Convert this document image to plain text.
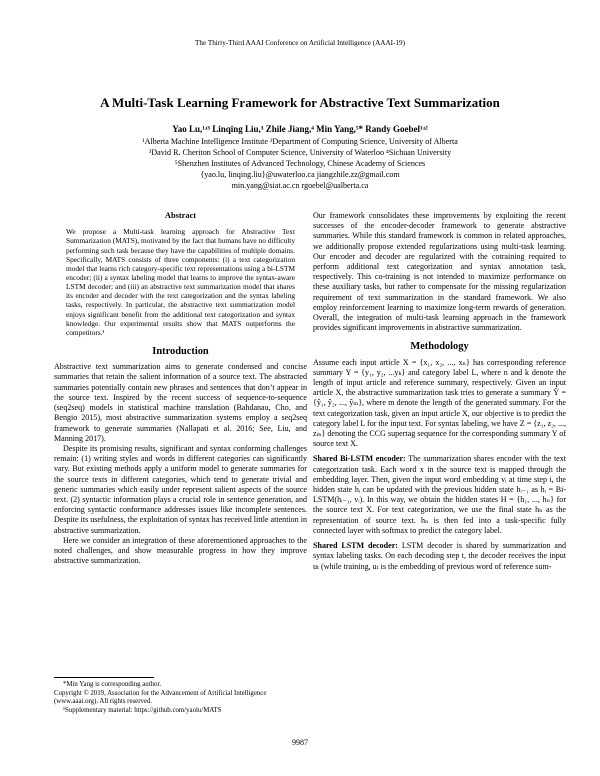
The Thirty-Third AAAI Conference on Artificial Intelligence (AAAI-19)
A Multi-Task Learning Framework for Abstractive Text Summarization
Yao Lu,¹ʴ³ Linqing Liu,³ Zhile Jiang,⁴ Min Yang,⁵* Randy Goebel¹ʴ²
¹Alberta Machine Intelligence Institute ²Department of Computing Science, University of Alberta
³David R. Cheriton School of Computer Science, University of Waterloo ⁴Sichuan University
⁵Shenzhen Institutes of Advanced Technology, Chinese Academy of Sciences
{yao.lu, linqing.liu}@uwaterloo.ca jiangzhile.zz@gmail.com
min.yang@siat.ac.cn rgoebel@ualberta.ca
Abstract

We propose a Multi-task learning approach for Abstractive Text Summarization (MATS), motivated by the fact that humans have no difficulty performing such task because they have the capabilities of multiple domains. Specifically, MATS consists of three components: (i) a text categorization model that learns rich category-specific text representations using a bi-LSTM encoder; (ii) a syntax labeling model that learns to improve the syntax-aware LSTM decoder; and (iii) an abstractive text summarization model that shares its encoder and decoder with the text categorization and the syntax labeling tasks, respectively. In particular, the abstractive text summarization model enjoys significant benefit from the additional text categorization and syntax knowledge. Our experimental results show that MATS outperforms the competitors.¹

Introduction

Abstractive text summarization aims to generate condensed and concise summaries that retain the salient information of a source text. The abstracted summaries potentially contain new phrases and sentences that don’t appear in the source text. Inspired by the recent success of sequence-to-sequence (seq2seq) models in statistical machine translation (Bahdanau, Cho, and Bengio 2015), most abstractive summarization systems employ a seq2seq framework to generate summaries (Nallapati et al. 2016; See, Liu, and Manning 2017).

Despite its promising results, significant and syntax conforming challenges remain: (1) writing styles and words in different categories can significantly vary. But existing methods apply a uniform model to generate summaries for the source texts in different categories, which tend to generate trivial and generic summaries which easily under represent salient aspects of the source text. (2) syntactic information plays a crucial role in sentence generation, and enforcing syntactic conformance addresses issues like incomplete sentences. Despite its usefulness, the exploitation of syntax has received little attention in abstractive summarization.

Here we consider an integration of these aforementioned approaches to the noted challenges, and show measurable progress in how they improve abstractive summarization.

*Min Yang is corresponding author.

Copyright © 2019, Association for the Advancement of Artificial Intelligence (www.aaai.org). All rights reserved.

¹Supplementary material: https://github.com/yaolu/MATS

Our framework consolidates these improvements by exploiting the recent successes of the encoder-decoder framework to generate abstractive summaries. While this standard framework is common in related approaches, we additionally propose extended regularizations using multi-task learning. Our encoder and decoder are regularized with the cotraining required to perform additional text categorization and syntax annotation task, respectively. This co-training is not intended to maximize performance on these auxiliary tasks, but rather to compensate for the missing regularization requirement of text summarization in the standard framework. We also employ reinforcement learning to maximize long-term rewards of generation. Overall, the integration of multi-task learning approach in the framework provides significant improvements in abstractive summarization.

Methodology

Assume each input article X = {x₁, x₂, ..., xₙ} has corresponding reference summary Y = {y₁, y₂, ...yₖ} and category label L, where n and k denote the length of input article and reference summary, respectively. Given an input article X, the abstractive summarization task tries to generate a summary Ŷ = {ŷ₁, ŷ₂, ..., ŷₘ}, where m denote the length of the generated summary. For the text categorization task, given an input article X, our objective is to predict the category label L for the input text. For syntax labeling, we have Z = {z₁, z₂, ..., zₘ} denoting the CCG supertag sequence for the corresponding summary Y of source text X.

Shared Bi-LSTM encoder: The summarization shares encoder with the text categorization task. Each word x in the source text is mapped through the embedding layer. Then, given the input word embedding vᵢ at time step i, the hidden state hᵢ can be updated with the previous hidden state hᵢ₋₁ as hᵢ = Bi-LSTM(hᵢ₋₁, vᵢ). In this way, we obtain the hidden states H = {h₁, ..., hₙ} for the source text X. For text categorization, we use the final state hₙ as the representation of source text. hₙ is then fed into a task-specific fully connected layer with softmax to predict the category label.

Shared LSTM decoder: LSTM decoder is shared by summarization and syntax labeling tasks. On each decoding step t, the decoder receives the input uₜ (while training, uₜ is the embedding of previous word of reference sum-

9987
